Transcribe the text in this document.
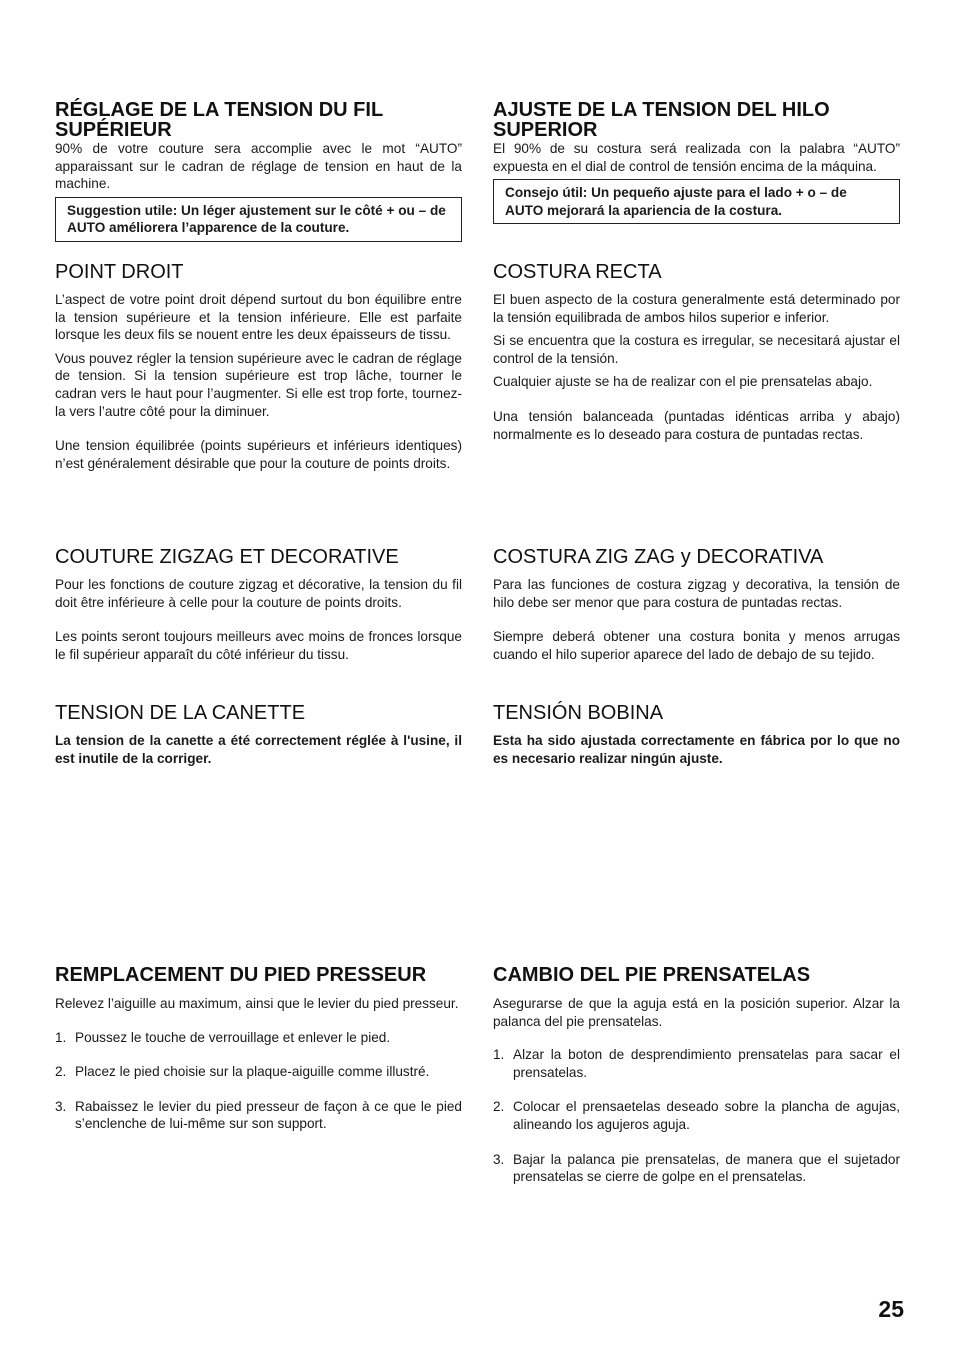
RÉGLAGE DE LA TENSION DU FIL SUPÉRIEUR

90% de votre couture sera accomplie avec le mot “AUTO” apparaissant sur le cadran de réglage de tension en haut de la machine.

Suggestion utile: Un léger ajustement sur le côté + ou – de AUTO améliorera l’apparence de la couture.
POINT DROIT

L’aspect de votre point droit dépend surtout du bon équilibre entre la tension supérieure et la tension inférieure. Elle est parfaite lorsque les deux fils se nouent entre les deux épaisseurs de tissu.

Vous pouvez régler la tension supérieure avec le cadran de réglage de tension. Si la tension supérieure est trop lâche, tourner le cadran vers le haut pour l’augmenter. Si elle est trop forte, tournez-la vers l’autre côté pour la diminuer.

Une tension équilibrée (points supérieurs et inférieurs identiques) n’est généralement désirable que pour la couture de points droits.

COUTURE ZIGZAG ET DECORATIVE

Pour les fonctions de couture zigzag et décorative, la tension du fil doit être inférieure à celle pour la couture de points droits.

Les points seront toujours meilleurs avec moins de fronces lorsque le fil supérieur apparaît du côté inférieur du tissu.

TENSION DE LA CANETTE

La tension de la canette a été correctement réglée à l'usine, il est inutile de la corriger.

REMPLACEMENT DU PIED PRESSEUR

Relevez l’aiguille au maximum, ainsi que le levier du pied presseur.

1. Poussez le touche de verrouillage et enlever le pied.
2. Placez le pied choisie sur la plaque-aiguille comme illustré.
3. Rabaissez le levier du pied presseur de façon à ce que le pied s’enclenche de lui-même sur son support.
AJUSTE DE LA TENSION DEL HILO SUPERIOR

El 90% de su costura será realizada con la palabra “AUTO” expuesta en el dial de control de tensión encima de la máquina.

Consejo útil: Un pequeño ajuste para el lado + o – de AUTO mejorará la apariencia de la costura.
COSTURA RECTA

El buen aspecto de la costura generalmente está determinado por la tensión equilibrada de ambos hilos superior e inferior.

Si se encuentra que la costura es irregular, se necesitará ajustar el control de la tensión.

Cualquier ajuste se ha de realizar con el pie prensatelas abajo.

Una tensión balanceada (puntadas idénticas arriba y abajo) normalmente es lo deseado para costura de puntadas rectas.

COSTURA ZIG ZAG y DECORATIVA

Para las funciones de costura zigzag y decorativa, la tensión de hilo debe ser menor que para costura de puntadas rectas.

Siempre deberá obtener una costura bonita y menos arrugas cuando el hilo superior aparece del lado de debajo de su tejido.

TENSIÓN BOBINA

Esta ha sido ajustada correctamente en fábrica por lo que no es necesario realizar ningún ajuste.

CAMBIO DEL PIE PRENSATELAS

Asegurarse de que la aguja está en la posición superior. Alzar la palanca del pie prensatelas.

1. Alzar la boton de desprendimiento prensatelas para sacar el prensatelas.
2. Colocar el prensaetelas deseado sobre la plancha de agujas, alineando los agujeros aguja.
3. Bajar la palanca pie prensatelas, de manera que el sujetador prensatelas se cierre de golpe en el prensatelas.
25
